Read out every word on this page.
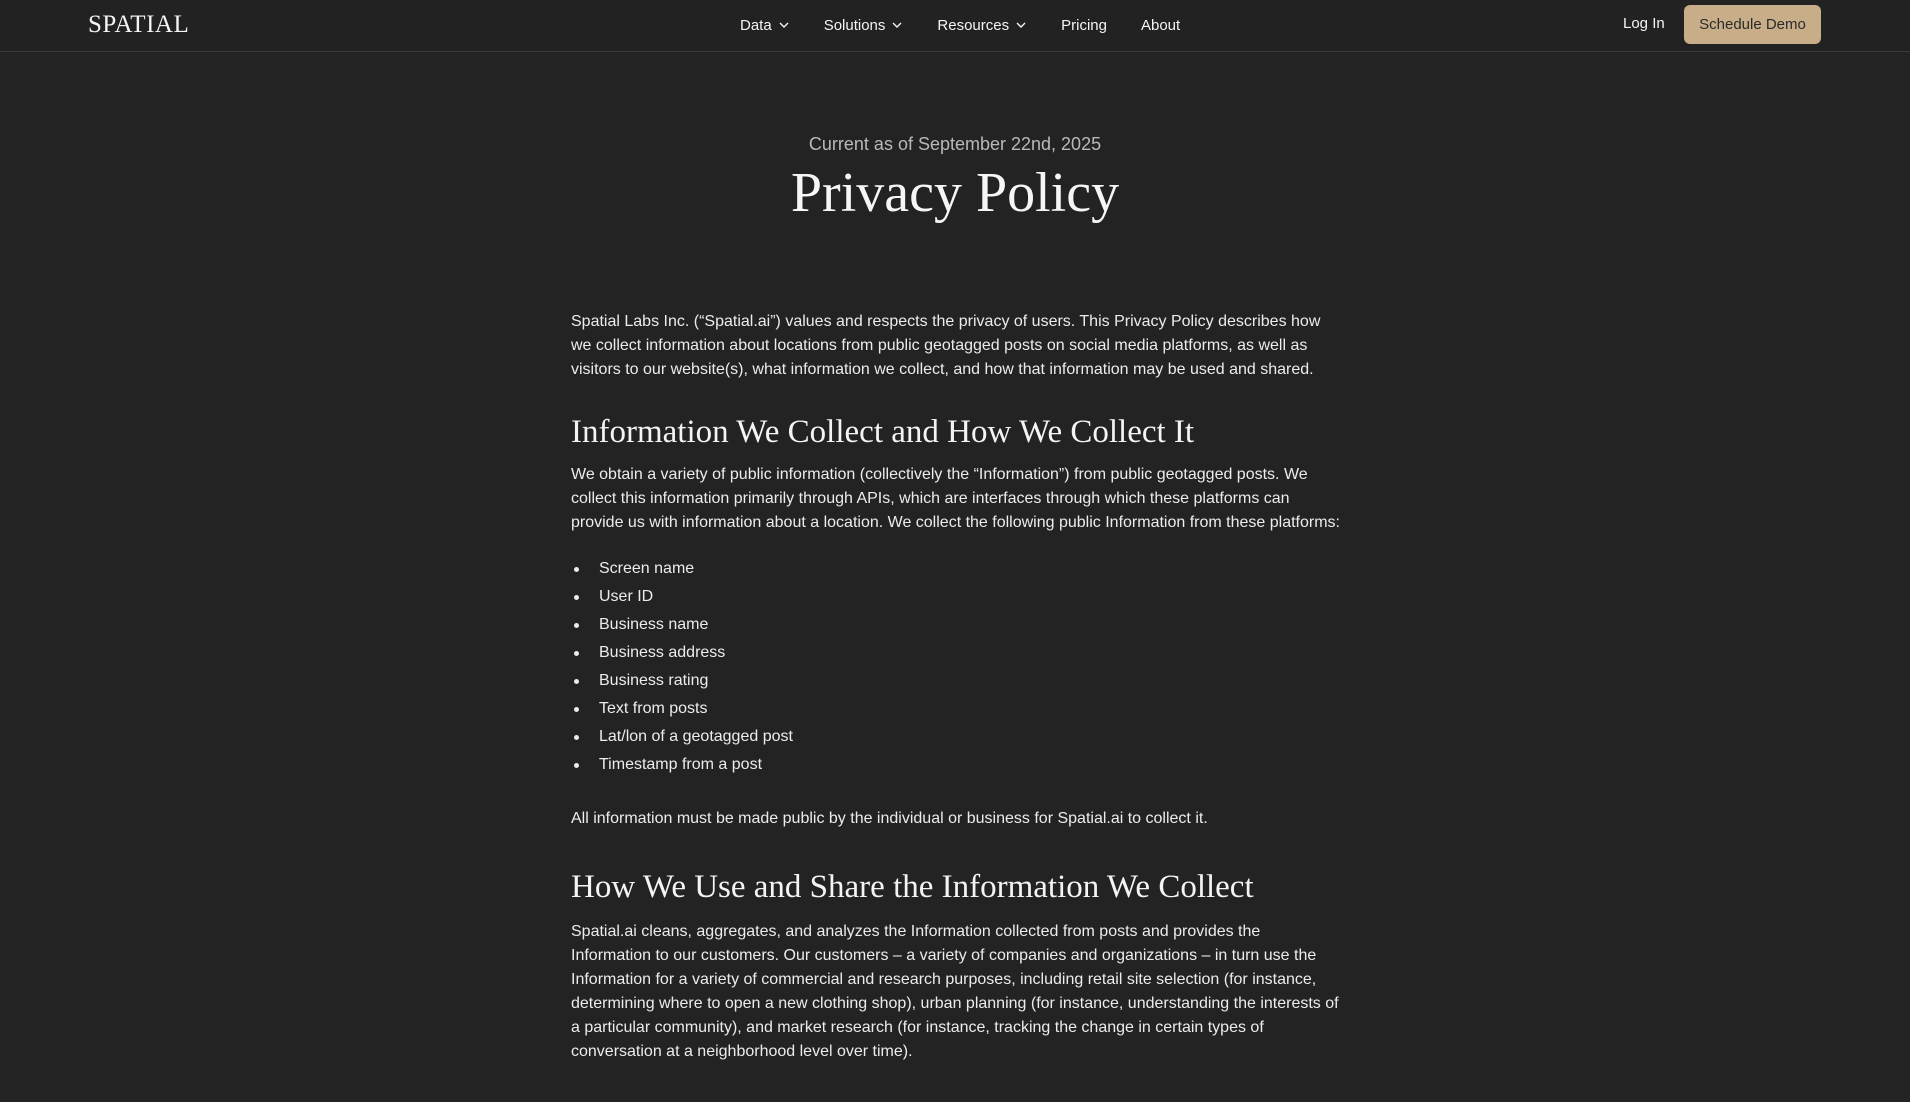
SPATIAL	Data	Solutions	Resources	Pricing About	Log In	Schedule Demo
Current as of September 22nd, 2025
Privacy Policy

Spatial Labs Inc. (“Spatial.ai”) values and respects the privacy of users. This Privacy Policy describes how we collect information about locations from public geotagged posts on social media platforms, as well as visitors to our website(s), what information we collect, and how that information may be used and shared.

Information We Collect and How We Collect It

We obtain a variety of public information (collectively the “Information”) from public geotagged posts. We collect this information primarily through APIs, which are interfaces through which these platforms can provide us with information about a location. We collect the following public Information from these platforms:

Screen name
User ID
Business name
Business address
Business rating
Text from posts
Lat/lon of a geotagged post
Timestamp from a post

All information must be made public by the individual or business for Spatial.ai to collect it.

How We Use and Share the Information We Collect

Spatial.ai cleans, aggregates, and analyzes the Information collected from posts and provides the Information to our customers. Our customers – a variety of companies and organizations – in turn use the Information for a variety of commercial and research purposes, including retail site selection (for instance, determining where to open a new clothing shop), urban planning (for instance, understanding the interests of a particular community), and market research (for instance, tracking the change in certain types of conversation at a neighborhood level over time).
